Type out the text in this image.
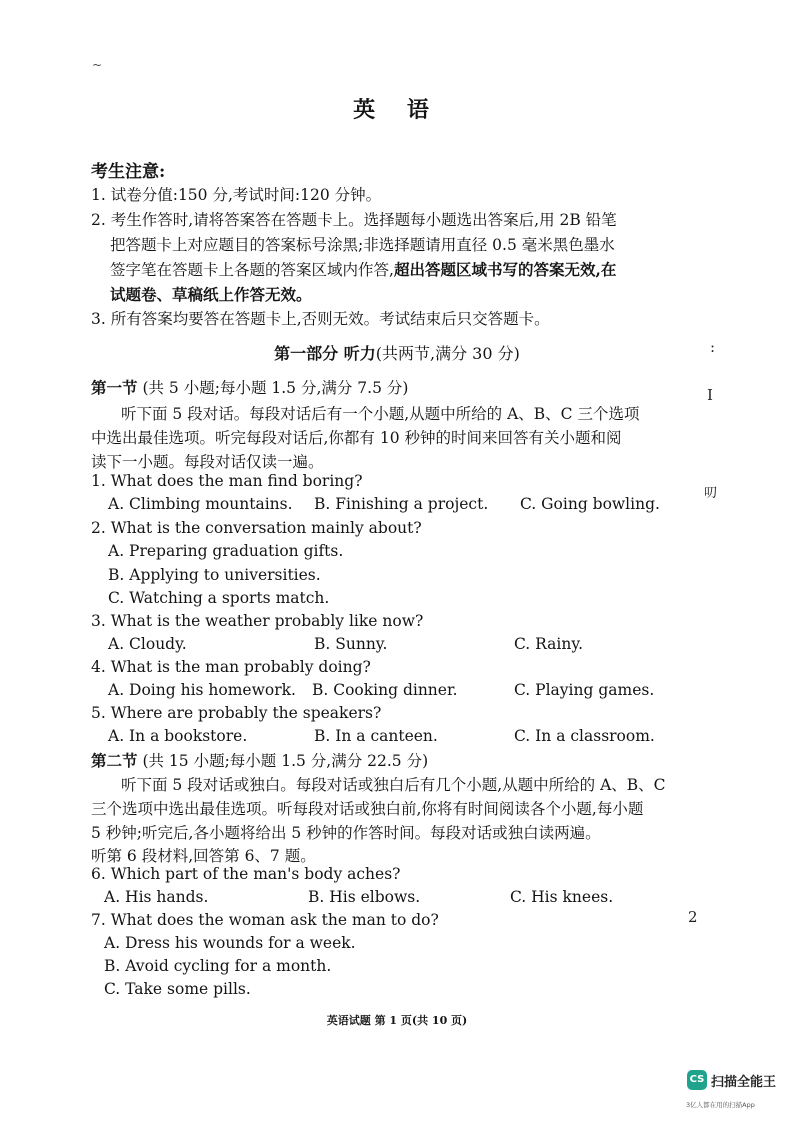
~
英 语
考生注意:
1. 试卷分值:150 分,考试时间:120 分钟。
2. 考生作答时,请将答案答在答题卡上。选择题每小题选出答案后,用 2B 铅笔
把答题卡上对应题目的答案标号涂黑;非选择题请用直径 0.5 毫米黑色墨水
签字笔在答题卡上各题的答案区域内作答,超出答题区域书写的答案无效,在
试题卷、草稿纸上作答无效。
3. 所有答案均要答在答题卡上,否则无效。考试结束后只交答题卡。
第一部分 听力(共两节,满分 30 分)
第一节 (共 5 小题;每小题 1.5 分,满分 7.5 分)
听下面 5 段对话。每段对话后有一个小题,从题中所给的 A、B、C 三个选项
中选出最佳选项。听完每段对话后,你都有 10 秒钟的时间来回答有关小题和阅
读下一小题。每段对话仅读一遍。
1. What does the man find boring?
A. Climbing mountains. B. Finishing a project. C. Going bowling.
2. What is the conversation mainly about?
A. Preparing graduation gifts.
B. Applying to universities.
C. Watching a sports match.
3. What is the weather probably like now?
A. Cloudy.	B. Sunny.	C. Rainy.
4. What is the man probably doing?
A. Doing his homework. B. Cooking dinner.	C. Playing games.
5. Where are probably the speakers?
A. In a bookstore.	B. In a canteen.	C. In a classroom.
第二节 (共 15 小题;每小题 1.5 分,满分 22.5 分)
听下面 5 段对话或独白。每段对话或独白后有几个小题,从题中所给的 A、B、C
三个选项中选出最佳选项。听每段对话或独白前,你将有时间阅读各个小题,每小题
5 秒钟;听完后,各小题将给出 5 秒钟的作答时间。每段对话或独白读两遍。
听第 6 段材料,回答第 6、7 题。
6. Which part of the man's body aches?
A. His hands.	B. His elbows.	C. His knees.
7. What does the woman ask the man to do?
A. Dress his wounds for a week.
B. Avoid cycling for a month.
C. Take some pills.
英语试题 第 1 页(共 10 页)
:
I
叨
2
CS 扫描全能王
3亿人都在用的扫描App
